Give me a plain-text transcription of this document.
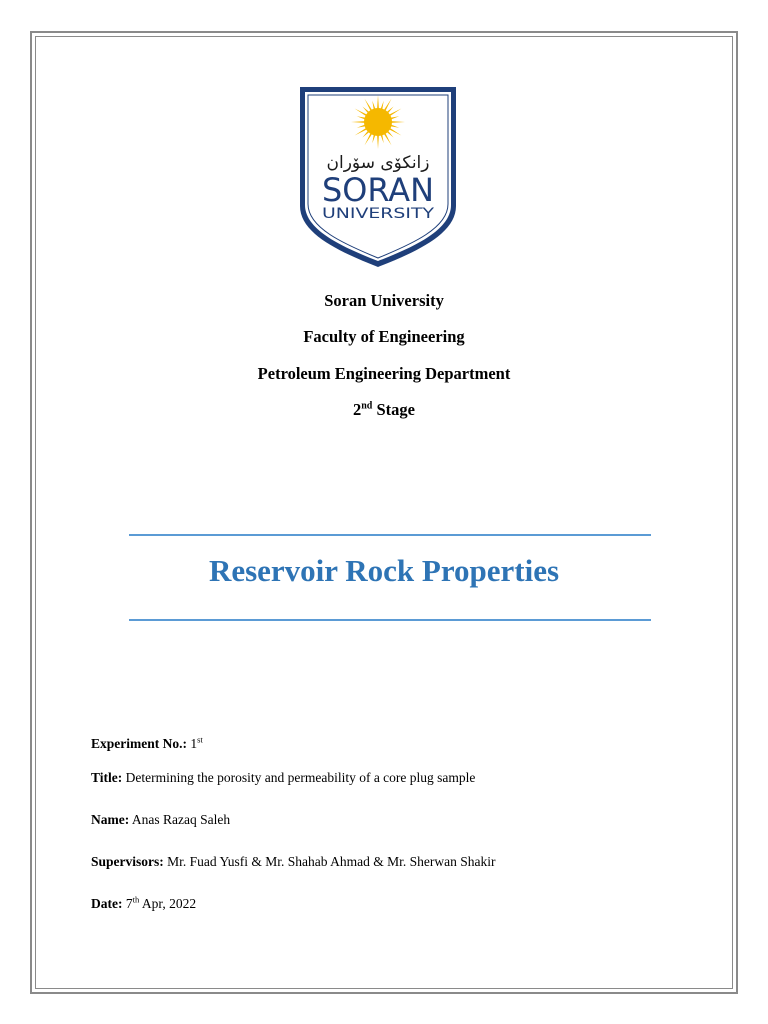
زانكۆی سۆران
SORAN
UNIVERSITY
Soran University
Faculty of Engineering
Petroleum Engineering Department
2nd Stage
Reservoir Rock Properties
Experiment No.: 1st
Title: Determining the porosity and permeability of a core plug sample
Name: Anas Razaq Saleh
Supervisors: Mr. Fuad Yusfi & Mr. Shahab Ahmad & Mr. Sherwan Shakir
Date: 7th Apr, 2022
